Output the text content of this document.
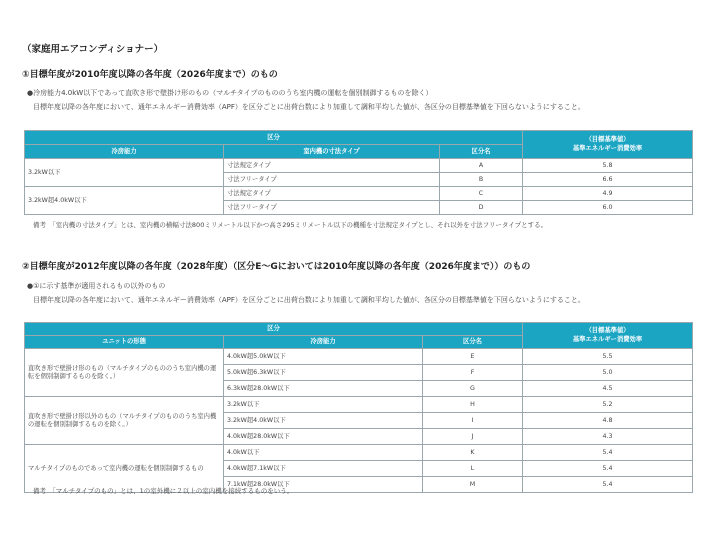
（家庭用エアコンディショナー）
①目標年度が2010年度以降の各年度（2026年度まで）のもの
●冷房能力4.0kW以下であって直吹き形で壁掛け形のもの（マルチタイプのもののうち室内機の運転を個別制御するものを除く）
目標年度以降の各年度において、通年エネルギー消費効率（APF）を区分ごとに出荷台数により加重して調和平均した値が、各区分の目標基準値を下回らないようにすること。
区分			（目標基準値）
基準エネルギー消費効率

冷房能力	室内機の寸法タイプ	区分名	
3.2kW以下	寸法規定タイプ	A	5.8
	寸法フリータイプ	B	6.6
3.2kW超4.0kW以下	寸法規定タイプ	C	4.9
	寸法フリータイプ	D	6.0
備考　「室内機の寸法タイプ」とは、室内機の横幅寸法800ミリメートル以下かつ高さ295ミリメートル以下の機種を寸法規定タイプとし、それ以外を寸法フリータイプとする。
②目標年度が2012年度以降の各年度（2028年度）（区分E～Gにおいては2010年度以降の各年度（2026年度まで））のもの
●①に示す基準が適用されるもの以外のもの
目標年度以降の各年度において、通年エネルギー消費効率（APF）を区分ごとに出荷台数により加重して調和平均した値が、各区分の目標基準値を下回らないようにすること。
区分			（目標基準値）
基準エネルギー消費効率

ユニットの形態	冷房能力	区分名	
直吹き形で壁掛け形のもの（マルチタイプのもののうち室内機の運転を個別制御するものを除く。）	4.0kW超5.0kW以下	E	5.5
	5.0kW超6.3kW以下	F	5.0
	6.3kW超28.0kW以下	G	4.5
直吹き形で壁掛け形以外のもの（マルチタイプのもののうち室内機の運転を個別制御するものを除く。）	3.2kW以下	H	5.2
	3.2kW超4.0kW以下	I	4.8
	4.0kW超28.0kW以下	J	4.3
マルチタイプのものであって室内機の運転を個別制御するもの	4.0kW以下	K	5.4
	4.0kW超7.1kW以下	L	5.4
	7.1kW超28.0kW以下	M	5.4
備考　「マルチタイプのもの」とは、1の室外機に２以上の室内機を接続するものをいう。
